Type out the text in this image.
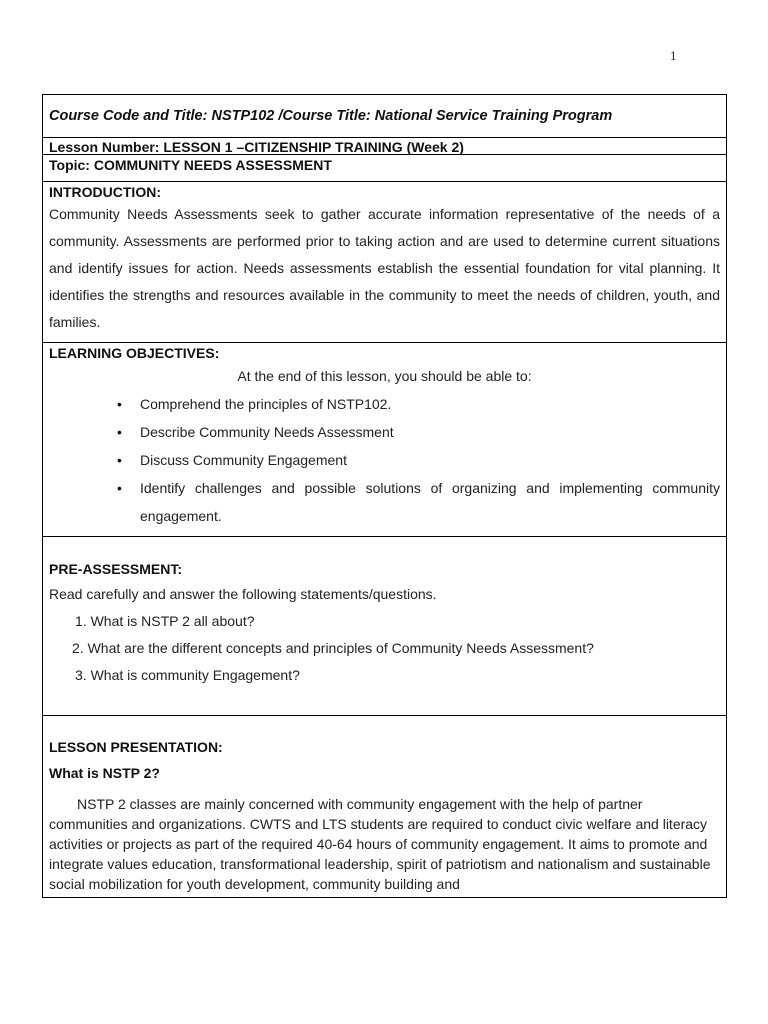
1
Course Code and Title: NSTP102 /Course Title: National Service Training Program
Lesson Number: LESSON 1 –CITIZENSHIP TRAINING (Week 2)
Topic: COMMUNITY NEEDS ASSESSMENT
INTRODUCTION:
Community Needs Assessments seek to gather accurate information representative of the needs of a community. Assessments are performed prior to taking action and are used to determine current situations and identify issues for action. Needs assessments establish the essential foundation for vital planning. It identifies the strengths and resources available in the community to meet the needs of children, youth, and families.
LEARNING OBJECTIVES:
At the end of this lesson, you should be able to:
• Comprehend the principles of NSTP102.
• Describe Community Needs Assessment
• Discuss Community Engagement
• Identify challenges and possible solutions of organizing and implementing community engagement.
PRE-ASSESSMENT:
Read carefully and answer the following statements/questions.
1. What is NSTP 2 all about?
2. What are the different concepts and principles of Community Needs Assessment?
3. What is community Engagement?
LESSON PRESENTATION:
What is NSTP 2?
NSTP 2 classes are mainly concerned with community engagement with the help of partner communities and organizations. CWTS and LTS students are required to conduct civic welfare and literacy activities or projects as part of the required 40-64 hours of community engagement. It aims to promote and integrate values education, transformational leadership, spirit of patriotism and nationalism and sustainable social mobilization for youth development, community building and
